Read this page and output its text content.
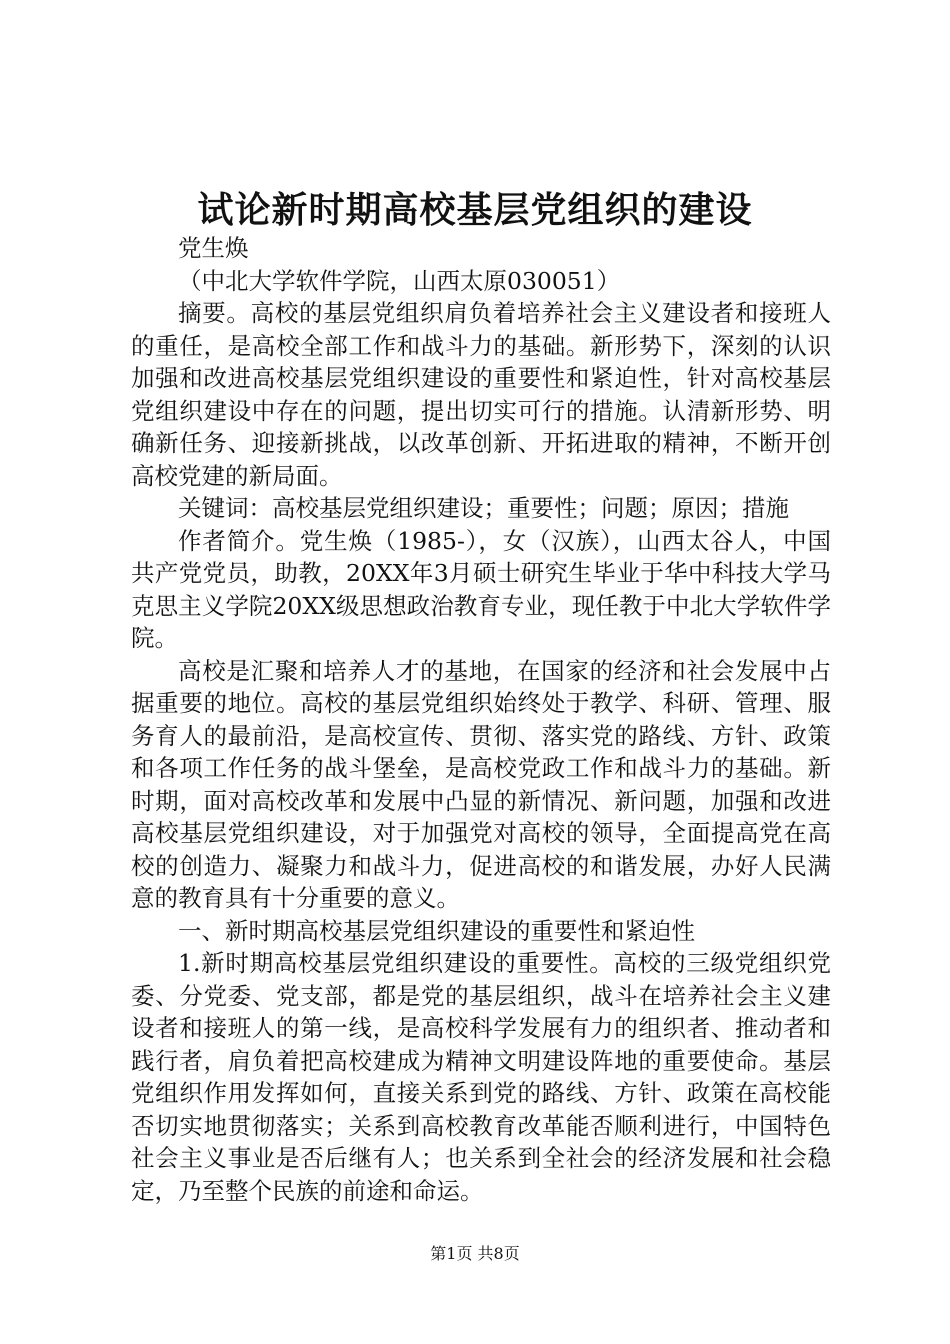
试论新时期高校基层党组织的建设

党生焕

（中北大学软件学院，山西太原030051）

摘要。高校的基层党组织肩负着培养社会主义建设者和接班人的重任，是高校全部工作和战斗力的基础。新形势下，深刻的认识加强和改进高校基层党组织建设的重要性和紧迫性，针对高校基层党组织建设中存在的问题，提出切实可行的措施。认清新形势、明确新任务、迎接新挑战，以改革创新、开拓进取的精神，不断开创高校党建的新局面。

关键词：高校基层党组织建设；重要性；问题；原因；措施

作者简介。党生焕（1985-），女（汉族），山西太谷人，中国共产党党员，助教，20XX年3月硕士研究生毕业于华中科技大学马克思主义学院20XX级思想政治教育专业，现任教于中北大学软件学院。

高校是汇聚和培养人才的基地，在国家的经济和社会发展中占据重要的地位。高校的基层党组织始终处于教学、科研、管理、服务育人的最前沿，是高校宣传、贯彻、落实党的路线、方针、政策和各项工作任务的战斗堡垒，是高校党政工作和战斗力的基础。新时期，面对高校改革和发展中凸显的新情况、新问题，加强和改进高校基层党组织建设，对于加强党对高校的领导，全面提高党在高校的创造力、凝聚力和战斗力，促进高校的和谐发展，办好人民满意的教育具有十分重要的意义。

一、新时期高校基层党组织建设的重要性和紧迫性

1.新时期高校基层党组织建设的重要性。高校的三级党组织党委、分党委、党支部，都是党的基层组织，战斗在培养社会主义建设者和接班人的第一线，是高校科学发展有力的组织者、推动者和践行者，肩负着把高校建成为精神文明建设阵地的重要使命。基层党组织作用发挥如何，直接关系到党的路线、方针、政策在高校能否切实地贯彻落实；关系到高校教育改革能否顺利进行，中国特色社会主义事业是否后继有人；也关系到全社会的经济发展和社会稳定，乃至整个民族的前途和命运。

第1页 共8页
